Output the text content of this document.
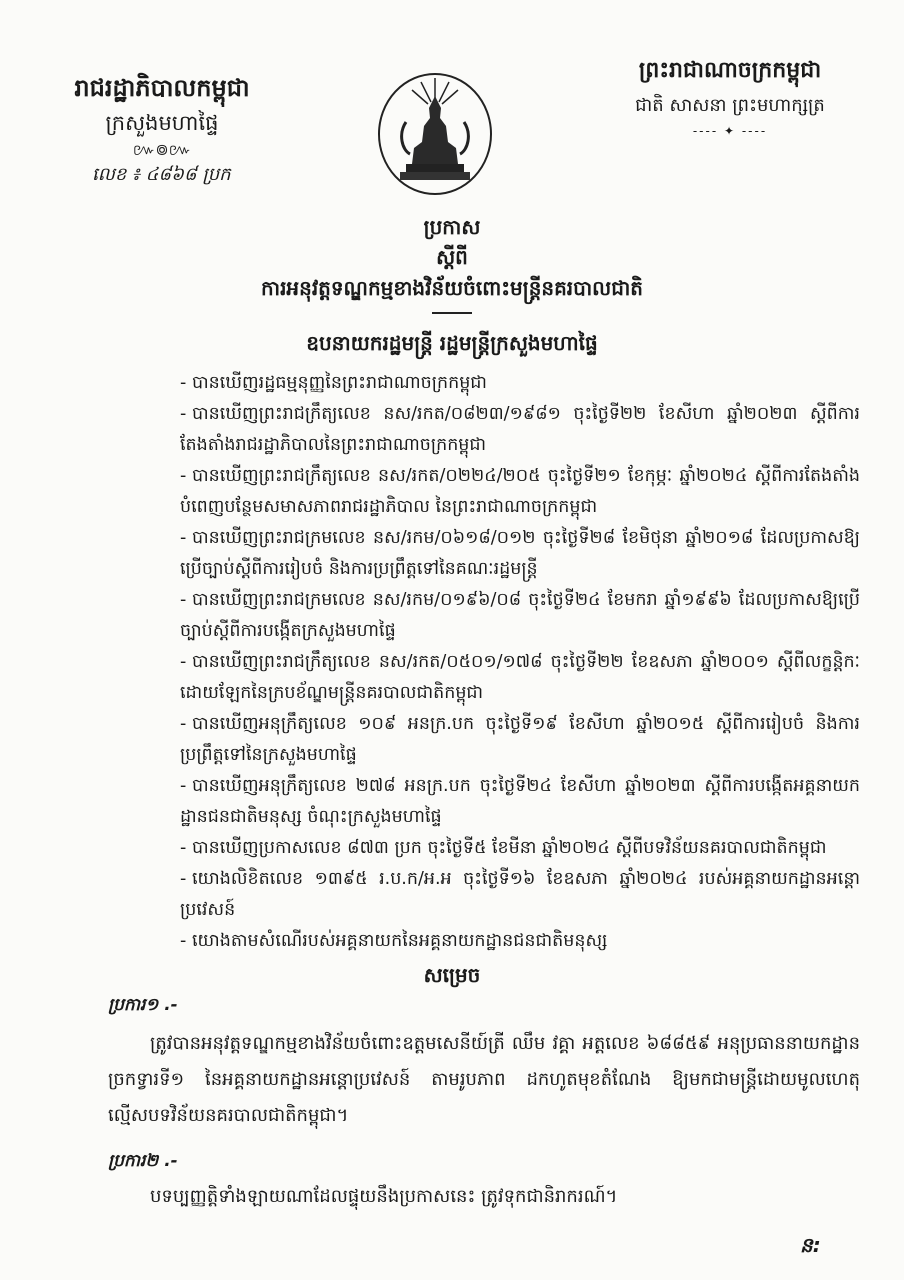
រាជរដ្ឋាភិបាលកម្ពុជា
ក្រសួងមហាផ្ទៃ
៚៙៚
លេខ ៖ ៤៨៦៨ ប្រក
ព្រះរាជាណាចក្រកម្ពុជា
ជាតិ សាសនា ព្រះមហាក្សត្រ
---- ✦ ----
ប្រកាស
ស្តីពី
ការអនុវត្តទណ្ឌកម្មខាងវិន័យចំពោះមន្ត្រីនគរបាលជាតិ
ឧបនាយករដ្ឋមន្ត្រី រដ្ឋមន្ត្រីក្រសួងមហាផ្ទៃ
- បានឃើញរដ្ឋធម្មនុញ្ញនៃព្រះរាជាណាចក្រកម្ពុជា
- បានឃើញព្រះរាជក្រឹត្យលេខ នស/រកត/០៨២៣/១៩៨១ ចុះថ្ងៃទី២២ ខែសីហា ឆ្នាំ២០២៣ ស្តីពីការតែងតាំងរាជរដ្ឋាភិបាលនៃព្រះរាជាណាចក្រកម្ពុជា
- បានឃើញព្រះរាជក្រឹត្យលេខ នស/រកត/០២២៤/២០៥ ចុះថ្ងៃទី២១ ខែកុម្ភៈ ឆ្នាំ២០២៤ ស្តីពីការតែងតាំងបំពេញបន្ថែមសមាសភាពរាជរដ្ឋាភិបាល នៃព្រះរាជាណាចក្រកម្ពុជា
- បានឃើញព្រះរាជក្រមលេខ នស/រកម/០៦១៨/០១២ ចុះថ្ងៃទី២៨ ខែមិថុនា ឆ្នាំ២០១៨ ដែលប្រកាសឱ្យប្រើច្បាប់ស្តីពីការរៀបចំ និងការប្រព្រឹត្តទៅនៃគណៈរដ្ឋមន្ត្រី
- បានឃើញព្រះរាជក្រមលេខ នស/រកម/០១៩៦/០៨ ចុះថ្ងៃទី២៤ ខែមករា ឆ្នាំ១៩៩៦ ដែលប្រកាសឱ្យប្រើច្បាប់ស្តីពីការបង្កើតក្រសួងមហាផ្ទៃ
- បានឃើញព្រះរាជក្រឹត្យលេខ នស/រកត/០៥០១/១៧៨ ចុះថ្ងៃទី២២ ខែឧសភា ឆ្នាំ២០០១ ស្តីពីលក្ខន្តិកៈដោយឡែកនៃក្របខ័ណ្ឌមន្ត្រីនគរបាលជាតិកម្ពុជា
- បានឃើញអនុក្រឹត្យលេខ ១០៩ អនក្រ.បក ចុះថ្ងៃទី១៩ ខែសីហា ឆ្នាំ២០១៥ ស្តីពីការរៀបចំ និងការប្រព្រឹត្តទៅនៃក្រសួងមហាផ្ទៃ
- បានឃើញអនុក្រឹត្យលេខ ២៧៨ អនក្រ.បក ចុះថ្ងៃទី២៤ ខែសីហា ឆ្នាំ២០២៣ ស្តីពីការបង្កើតអគ្គនាយកដ្ឋានជនជាតិមនុស្ស ចំណុះក្រសួងមហាផ្ទៃ
- បានឃើញប្រកាសលេខ ៨៧៣ ប្រក ចុះថ្ងៃទី៥ ខែមីនា ឆ្នាំ២០២៤ ស្តីពីបទវិន័យនគរបាលជាតិកម្ពុជា
- យោងលិខិតលេខ ១៣៩៥ រ.ប.ក/អ.អ ចុះថ្ងៃទី១៦ ខែឧសភា ឆ្នាំ២០២៤ របស់អគ្គនាយកដ្ឋានអន្តោប្រវេសន៍
- យោងតាមសំណើរបស់អគ្គនាយកនៃអគ្គនាយកដ្ឋានជនជាតិមនុស្ស
សម្រេច
ប្រការ១ .-
ត្រូវបានអនុវត្តទណ្ឌកម្មខាងវិន័យចំពោះឧត្តមសេនីយ៍ត្រី ឈឹម វគ្គា អត្តលេខ ៦៨៨៥៩ អនុប្រធាននាយកដ្ឋានច្រកទ្វារទី១ នៃអគ្គនាយកដ្ឋានអន្តោប្រវេសន៍ តាមរូបភាព ដកហូតមុខតំណែង ឱ្យមកជាមន្ត្រីដោយមូលហេតុ ល្មើសបទវិន័យនគរបាលជាតិកម្ពុជា។
ប្រការ២ .-
បទប្បញ្ញត្តិទាំងឡាយណាដែលផ្ទុយនឹងប្រកាសនេះ ត្រូវទុកជានិរាករណ៍។
ន:
